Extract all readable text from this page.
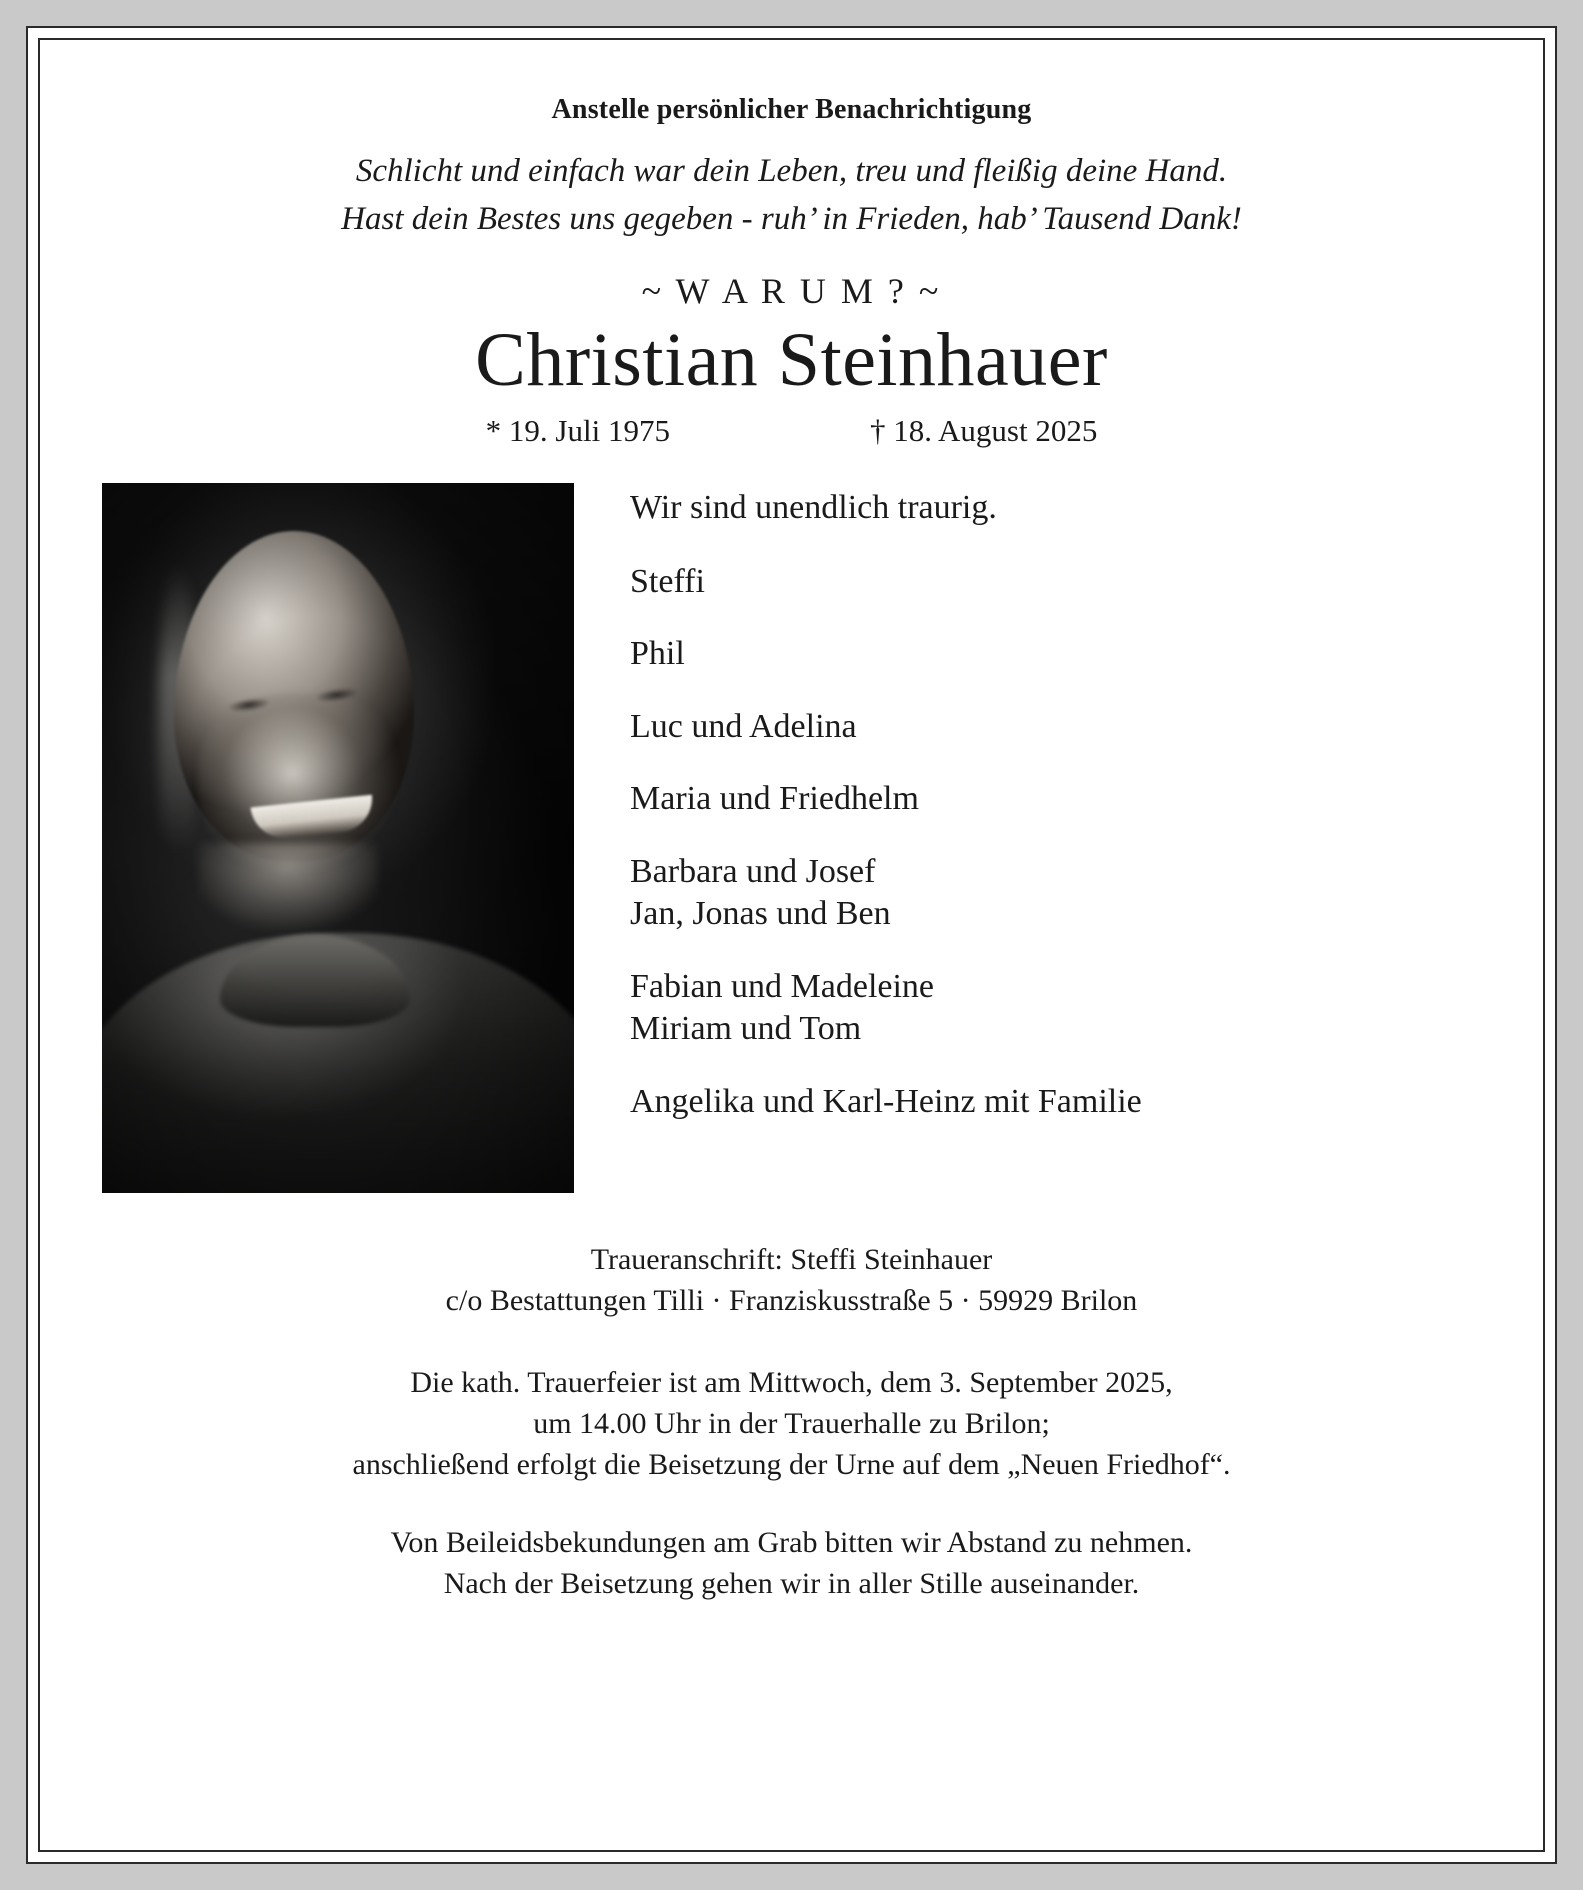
Anstelle persönlicher Benachrichtigung
Schlicht und einfach war dein Leben, treu und fleißig deine Hand.
Hast dein Bestes uns gegeben - ruh’ in Frieden, hab’ Tausend Dank!
~ W A R U M ? ~
Christian Steinhauer
* 19. Juli 1975	† 18. August 2025
Wir sind unendlich traurig.
Steffi
Phil
Luc und Adelina
Maria und Friedhelm
Barbara und Josef
Jan, Jonas und Ben
Fabian und Madeleine
Miriam und Tom
Angelika und Karl-Heinz mit Familie
Traueranschrift: Steffi Steinhauer
c/o Bestattungen Tilli · Franziskusstraße 5 · 59929 Brilon
Die kath. Trauerfeier ist am Mittwoch, dem 3. September 2025,
um 14.00 Uhr in der Trauerhalle zu Brilon;
anschließend erfolgt die Beisetzung der Urne auf dem „Neuen Friedhof“.
Von Beileidsbekundungen am Grab bitten wir Abstand zu nehmen.
Nach der Beisetzung gehen wir in aller Stille auseinander.
